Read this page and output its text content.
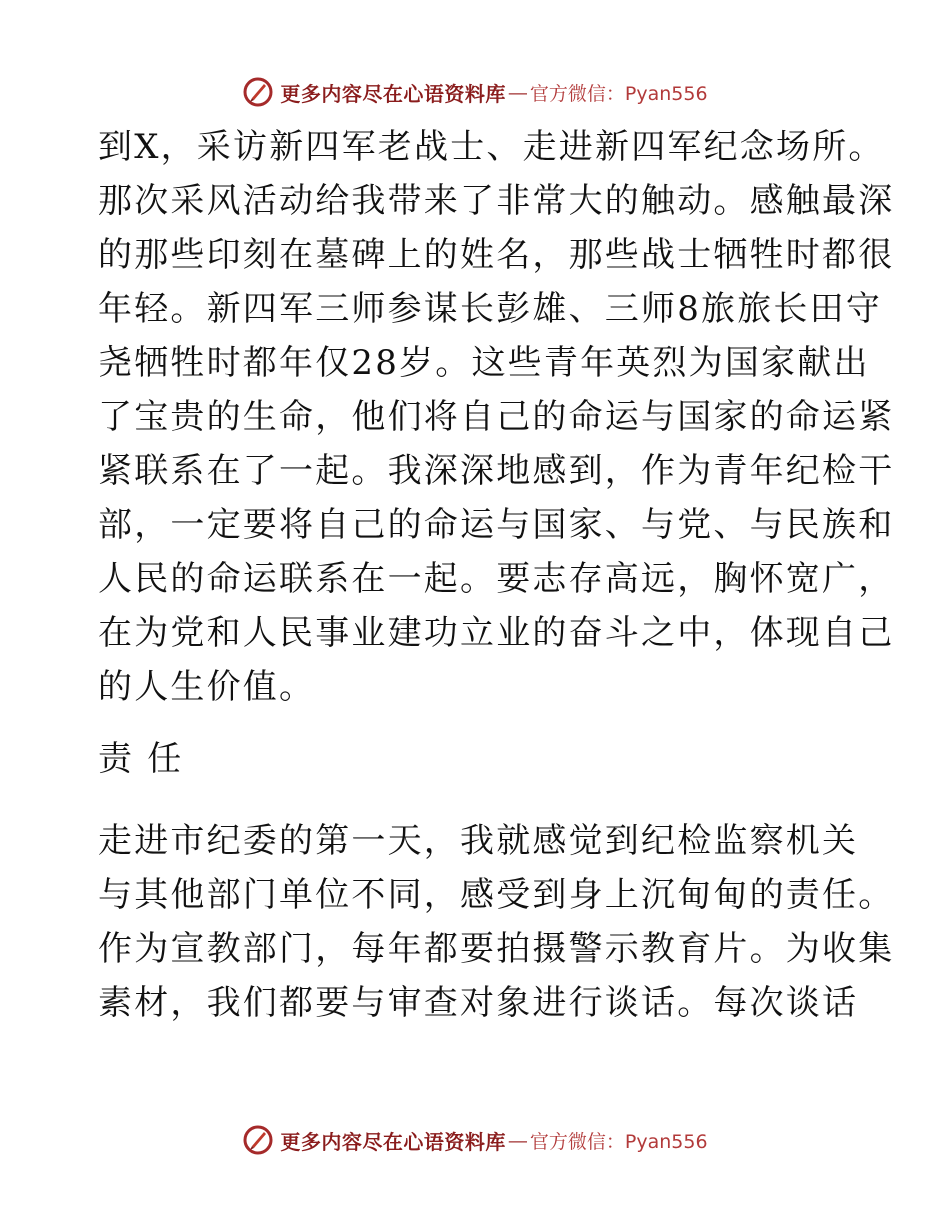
更多内容尽在心语资料库 — 官方微信：Pyan556
到X，采访新四军老战士、走进新四军纪念场所。
那次采风活动给我带来了非常大的触动。感触最深
的那些印刻在墓碑上的姓名，那些战士牺牲时都很
年轻。新四军三师参谋长彭雄、三师8旅旅长田守
尧牺牲时都年仅28岁。这些青年英烈为国家献出
了宝贵的生命，他们将自己的命运与国家的命运紧
紧联系在了一起。我深深地感到，作为青年纪检干
部，一定要将自己的命运与国家、与党、与民族和
人民的命运联系在一起。要志存高远，胸怀宽广，
在为党和人民事业建功立业的奋斗之中，体现自己
的人生价值。
责 任
走进市纪委的第一天，我就感觉到纪检监察机关
与其他部门单位不同，感受到身上沉甸甸的责任。
作为宣教部门，每年都要拍摄警示教育片。为收集
素材，我们都要与审查对象进行谈话。每次谈话
更多内容尽在心语资料库 — 官方微信：Pyan556
